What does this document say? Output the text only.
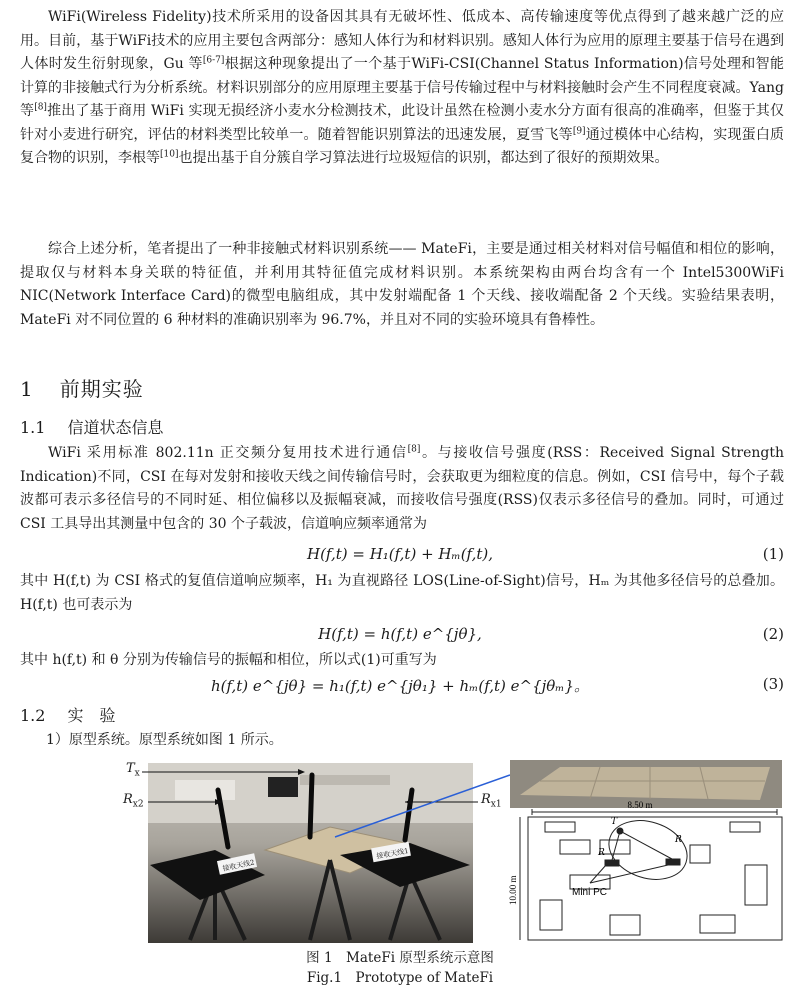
WiFi(Wireless Fidelity)技术所采用的设备因其具有无破坏性、低成本、高传输速度等优点得到了越来越广泛的应用。目前，基于WiFi技术的应用主要包含两部分：感知人体行为和材料识别。感知人体行为应用的原理主要基于信号在遇到人体时发生衍射现象，Gu 等[6-7]根据这种现象提出了一个基于WiFi-CSI(Channel Status Information)信号处理和智能计算的非接触式行为分析系统。材料识别部分的应用原理主要基于信号传输过程中与材料接触时会产生不同程度衰减。Yang 等[8]推出了基于商用 WiFi 实现无损经济小麦水分检测技术，此设计虽然在检测小麦水分方面有很高的准确率，但鉴于其仅针对小麦进行研究，评估的材料类型比较单一。随着智能识别算法的迅速发展，夏雪飞等[9]通过模体中心结构，实现蛋白质复合物的识别，李根等[10]也提出基于自分簇自学习算法进行垃圾短信的识别，都达到了很好的预期效果。

综合上述分析，笔者提出了一种非接触式材料识别系统—— MateFi，主要是通过相关材料对信号幅值和相位的影响，提取仅与材料本身关联的特征值，并利用其特征值完成材料识别。本系统架构由两台均含有一个 Intel5300WiFi NIC(Network Interface Card)的微型电脑组成，其中发射端配备 1 个天线、接收端配备 2 个天线。实验结果表明，MateFi 对不同位置的 6 种材料的准确识别率为 96.7%，并且对不同的实验环境具有鲁棒性。

1 前期实验
1.1 信道状态信息

WiFi 采用标准 802.11n 正交频分复用技术进行通信[8]。与接收信号强度(RSS：Received Signal Strength Indication)不同，CSI 在每对发射和接收天线之间传输信号时，会获取更为细粒度的信息。例如，CSI 信号中，每个子载波都可表示多径信号的不同时延、相位偏移以及振幅衰减，而接收信号强度(RSS)仅表示多径信号的叠加。同时，可通过 CSI 工具导出其测量中包含的 30 个子载波，信道响应频率通常为

H(f,t) = H₁(f,t) + Hₘ(f,t),	(1)

其中 H(f,t) 为 CSI 格式的复值信道响应频率，H₁ 为直视路径 LOS(Line-of-Sight)信号，Hₘ 为其他多径信号的总叠加。H(f,t) 也可表示为

H(f,t) = h(f,t) e^{jθ},	(2)
其中 h(f,t) 和 θ 分别为传输信号的振幅和相位，所以式(1)可重写为
h(f,t) e^{jθ} = h₁(f,t) e^{jθ₁} + hₘ(f,t) e^{jθₘ}。	(3)
1.2 实　验
1）原型系统。原型系统如图 1 所示。
接收天线2
接收天线1
8.50 m
10.00 m	Mini PC
T
R
R
$T_x$
$R_{x2}$	$R_{x1}$
图 1　MateFi 原型系统示意图
Fig.1　Prototype of MateFi
